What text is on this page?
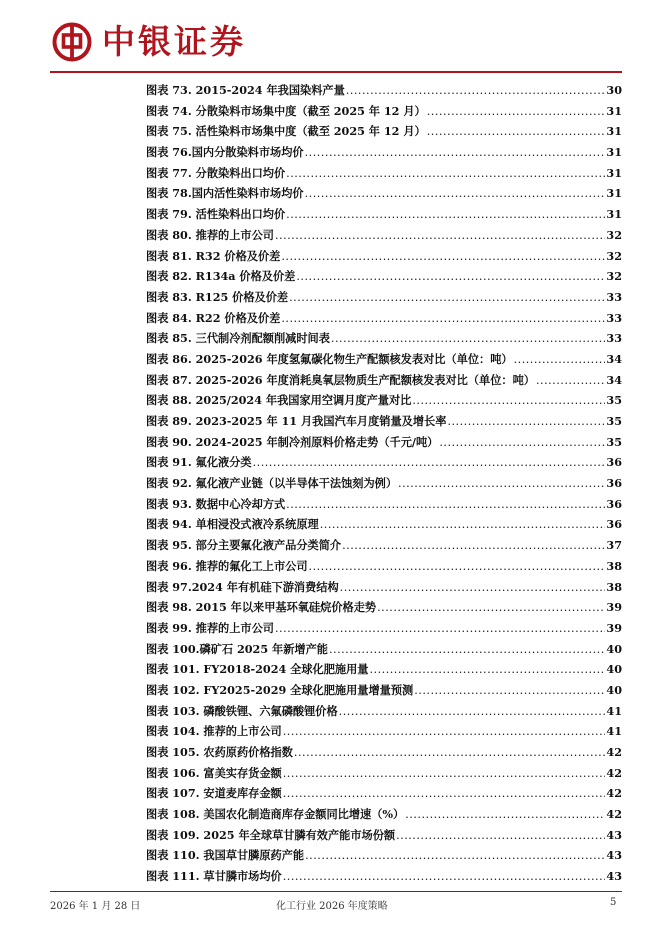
中银证券
图表 73. 2015-2024 年我国染料产量 .....	30
图表 74. 分散染料市场集中度（截至 2025 年 12 月） .....	31
图表 75. 活性染料市场集中度（截至 2025 年 12 月） .....	31
图表 76.国内分散染料市场均价 .....	31
图表 77. 分散染料出口均价 .....	31
图表 78.国内活性染料市场均价 .....	31
图表 79. 活性染料出口均价 .....	31
图表 80. 推荐的上市公司 .....	32
图表 81. R32 价格及价差 .....	32
图表 82. R134a 价格及价差 .....	32
图表 83. R125 价格及价差 .....	33
图表 84. R22 价格及价差 .....	33
图表 85. 三代制冷剂配额削减时间表 .....	33
图表 86. 2025-2026 年度氢氟碳化物生产配额核发表对比（单位：吨） .....	34
图表 87. 2025-2026 年度消耗臭氧层物质生产配额核发表对比（单位：吨） .....	34
图表 88. 2025/2024 年我国家用空调月度产量对比 .....	35
图表 89. 2023-2025 年 11 月我国汽车月度销量及增长率 .....	35
图表 90. 2024-2025 年制冷剂原料价格走势（千元/吨） .....	35
图表 91. 氟化液分类 .....	36
图表 92. 氟化液产业链（以半导体干法蚀刻为例） .....	36
图表 93. 数据中心冷却方式 .....	36
图表 94. 单相浸没式液冷系统原理 .....	36
图表 95. 部分主要氟化液产品分类简介 .....	37
图表 96. 推荐的氟化工上市公司 .....	38
图表 97.2024 年有机硅下游消费结构 .....	38
图表 98. 2015 年以来甲基环氧硅烷价格走势 .....	39
图表 99. 推荐的上市公司 .....	39
图表 100.磷矿石 2025 年新增产能 .....	40
图表 101. FY2018-2024 全球化肥施用量 .....	40
图表 102. FY2025-2029 全球化肥施用量增量预测 .....	40
图表 103. 磷酸铁锂、六氟磷酸锂价格 .....	41
图表 104. 推荐的上市公司 .....	41
图表 105. 农药原药价格指数 .....	42
图表 106. 富美实存货金额 .....	42
图表 107. 安道麦库存金额 .....	42
图表 108. 美国农化制造商库存金额同比增速（%） .....	42
图表 109. 2025 年全球草甘膦有效产能市场份额 .....	43
图表 110. 我国草甘膦原药产能 .....	43
图表 111. 草甘膦市场均价 .....	43
2026 年 1 月 28 日	化工行业 2026 年度策略	5
